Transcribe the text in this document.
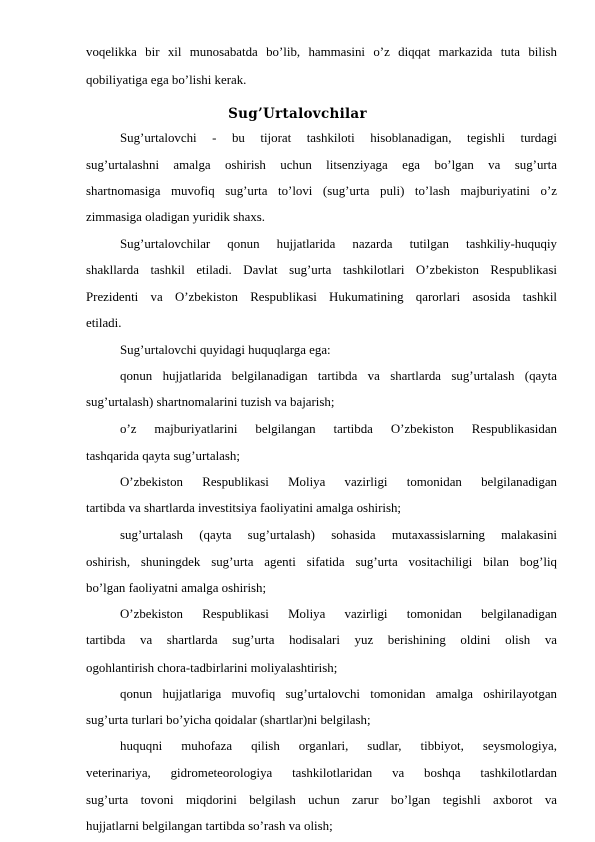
voqelikka bir xil munosabatda bo’lib, hammasini o’z diqqat markazida tuta bilish

qobiliyatiga ega bo’lishi kerak.

Sug’Urtalovchilar

Sug’urtalovchi - bu tijorat tashkiloti hisoblanadigan, tegishli turdagi

sug’urtalashni amalga oshirish uchun litsenziyaga ega bo’lgan va sug’urta

shartnomasiga muvofiq sug’urta to’lovi (sug’urta puli) to’lash majburiyatini o’z

zimmasiga oladigan yuridik shaxs.

Sug’urtalovchilar qonun hujjatlarida nazarda tutilgan tashkiliy-huquqiy

shakllarda tashkil etiladi. Davlat sug’urta tashkilotlari O’zbekiston Respublikasi

Prezidenti va O’zbekiston Respublikasi Hukumatining qarorlari asosida tashkil

etiladi.

Sug’urtalovchi quyidagi huquqlarga ega:

qonun hujjatlarida belgilanadigan tartibda va shartlarda sug’urtalash (qayta

sug’urtalash) shartnomalarini tuzish va bajarish;

o’z majburiyatlarini belgilangan tartibda O’zbekiston Respublikasidan

tashqarida qayta sug’urtalash;

O’zbekiston Respublikasi Moliya vazirligi tomonidan belgilanadigan

tartibda va shartlarda investitsiya faoliyatini amalga oshirish;

sug’urtalash (qayta sug’urtalash) sohasida mutaxassislarning malakasini

oshirish, shuningdek sug’urta agenti sifatida sug’urta vositachiligi bilan bog’liq

bo’lgan faoliyatni amalga oshirish;

O’zbekiston Respublikasi Moliya vazirligi tomonidan belgilanadigan

tartibda va shartlarda sug’urta hodisalari yuz berishining oldini olish va

ogohlantirish chora-tadbirlarini moliyalashtirish;

qonun hujjatlariga muvofiq sug’urtalovchi tomonidan amalga oshirilayotgan

sug’urta turlari bo’yicha qoidalar (shartlar)ni belgilash;

huquqni muhofaza qilish organlari, sudlar, tibbiyot, seysmologiya,

veterinariya, gidrometeorologiya tashkilotlaridan va boshqa tashkilotlardan

sug’urta tovoni miqdorini belgilash uchun zarur bo’lgan tegishli axborot va

hujjatlarni belgilangan tartibda so’rash va olish;
